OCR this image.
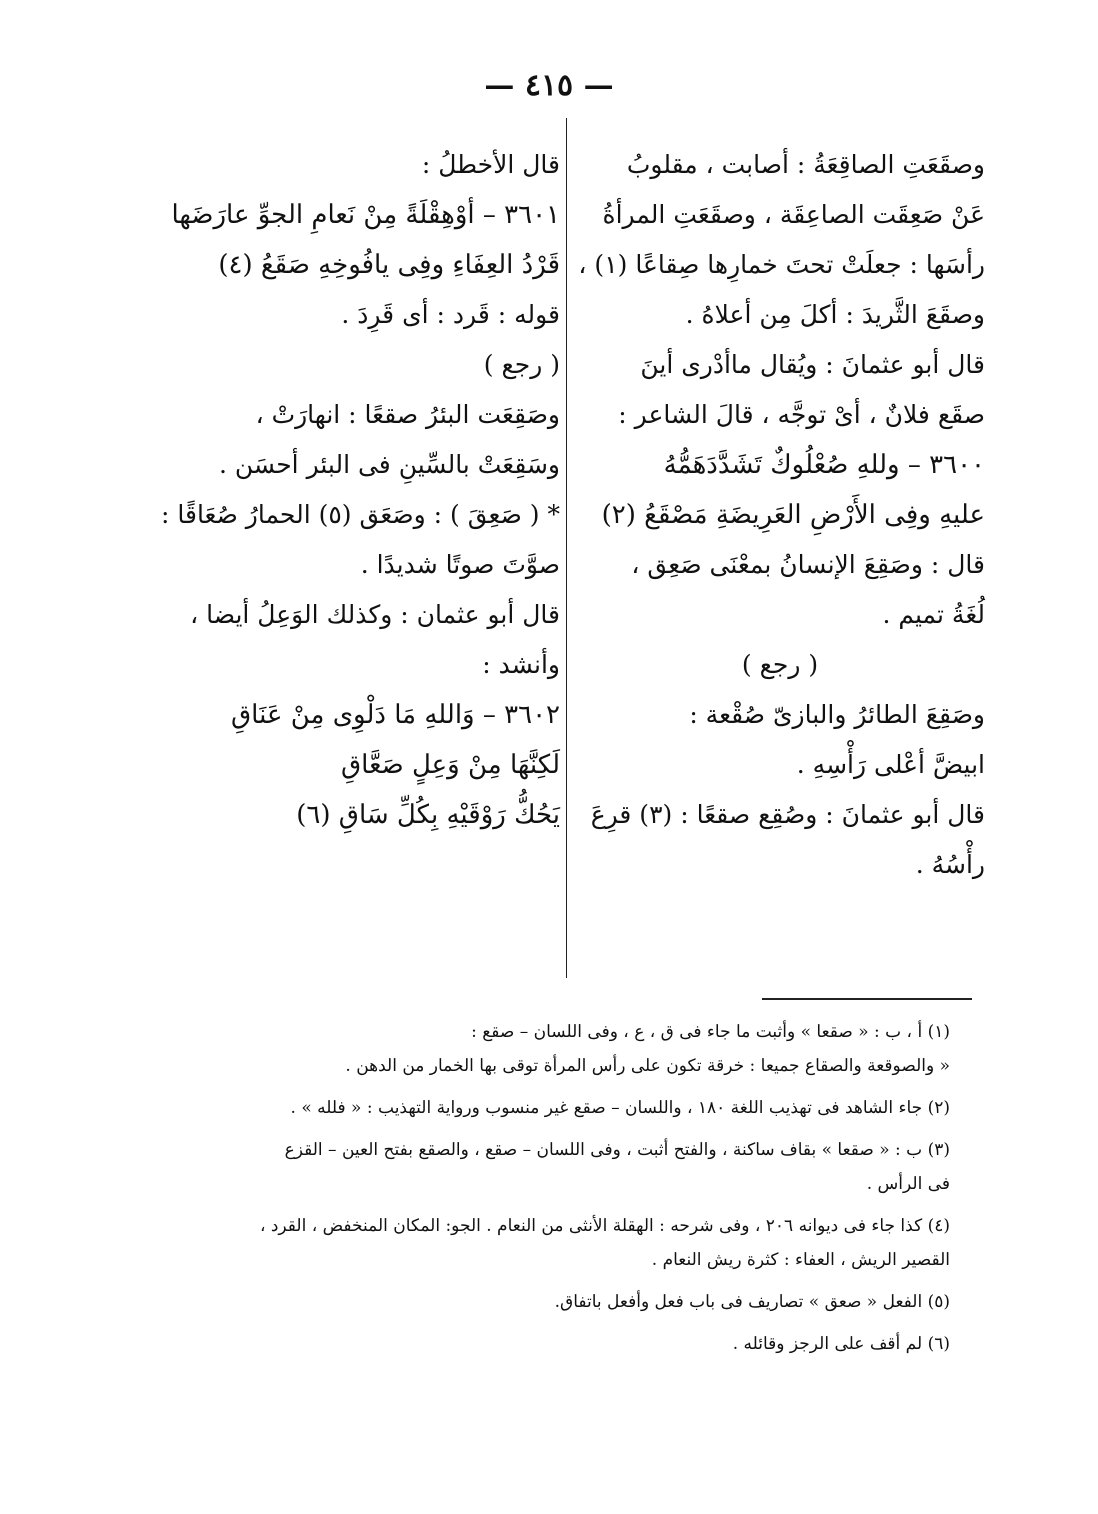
— ٤١٥ —
وصقَعَتِ الصاقِعَةُ : أصابت ، مقلوبُ
عَنْ صَعِقَت الصاعِقَة ، وصقَعَتِ المرأةُ
رأسَها : جعلَتْ تحتَ خمارِها صِقاعًا (١) ،
وصقَعَ الثَّريدَ : أكلَ مِن أعلاهُ .
قال أبو عثمانَ : ويُقال ماأدْرى أينَ
صقَع فلانٌ ، أىْ توجَّه ، قالَ الشاعر :
٣٦٠٠ – وللهِ صُعْلُوكٌ تَشَدَّدَهَمُّهُ
عليهِ وفِى الأَرْضِ العَرِيضَةِ مَصْقَعُ (٢)
قال : وصَقِعَ الإنسانُ بمعْنَى صَعِق ،
لُغَةُ تميم .
( رجع )
وصَقِعَ الطائرُ والبازىّ صُقْعة :
ابيضَّ أعْلى رَأْسِهِ .
قال أبو عثمانَ : وصُقِع صقعًا : (٣) قرِعَ
رأْسُهُ .
قال الأخطلُ :
٣٦٠١ – أوْهِقْلَةً مِنْ نَعامِ الجوِّ عارَضَها
قَرْدُ العِفَاءِ وفِى يافُوخِهِ صَقَعُ (٤)
قوله : قَرد : أى قَرِدَ .
( رجع )
وصَقِعَت البئرُ صقعًا : انهارَتْ ،
وسَقِعَتْ بالسِّينِ فى البئر أحسَن .
* ( صَعِقَ ) : وصَعَق (٥) الحمارُ صُعَاقًا :
صوَّتَ صوتًا شديدًا .
قال أبو عثمان : وكذلك الوَعِلُ أيضا ،
وأنشد :
٣٦٠٢ – وَاللهِ مَا دَلْوِى مِنْ عَنَاقِ
لَكِنَّهَا مِنْ وَعِلٍ صَعَّاقِ
يَحُكُّ رَوْقَيْهِ بِكُلِّ سَاقِ (٦)
(١) أ ، ب : « صقعا » وأثبت ما جاء فى ق ، ع ، وفى اللسان – صقع :
« والصوقعة والصقاع جميعا : خرقة تكون على رأس المرأة توقى بها الخمار من الدهن .
(٢) جاء الشاهد فى تهذيب اللغة ١٨٠ ، واللسان – صقع غير منسوب ورواية التهذيب : « فلله » .
(٣) ب : « صقعا » بقاف ساكنة ، والفتح أثبت ، وفى اللسان – صقع ، والصقع بفتح العين – القزع
فى الرأس .
(٤) كذا جاء فى ديوانه ٢٠٦ ، وفى شرحه : الهقلة الأنثى من النعام . الجو: المكان المنخفض ، القرد ،
القصير الريش ، العفاء : كثرة ريش النعام .
(٥) الفعل « صعق » تصاريف فى باب فعل وأفعل باتفاق.
(٦) لم أقف على الرجز وقائله .
